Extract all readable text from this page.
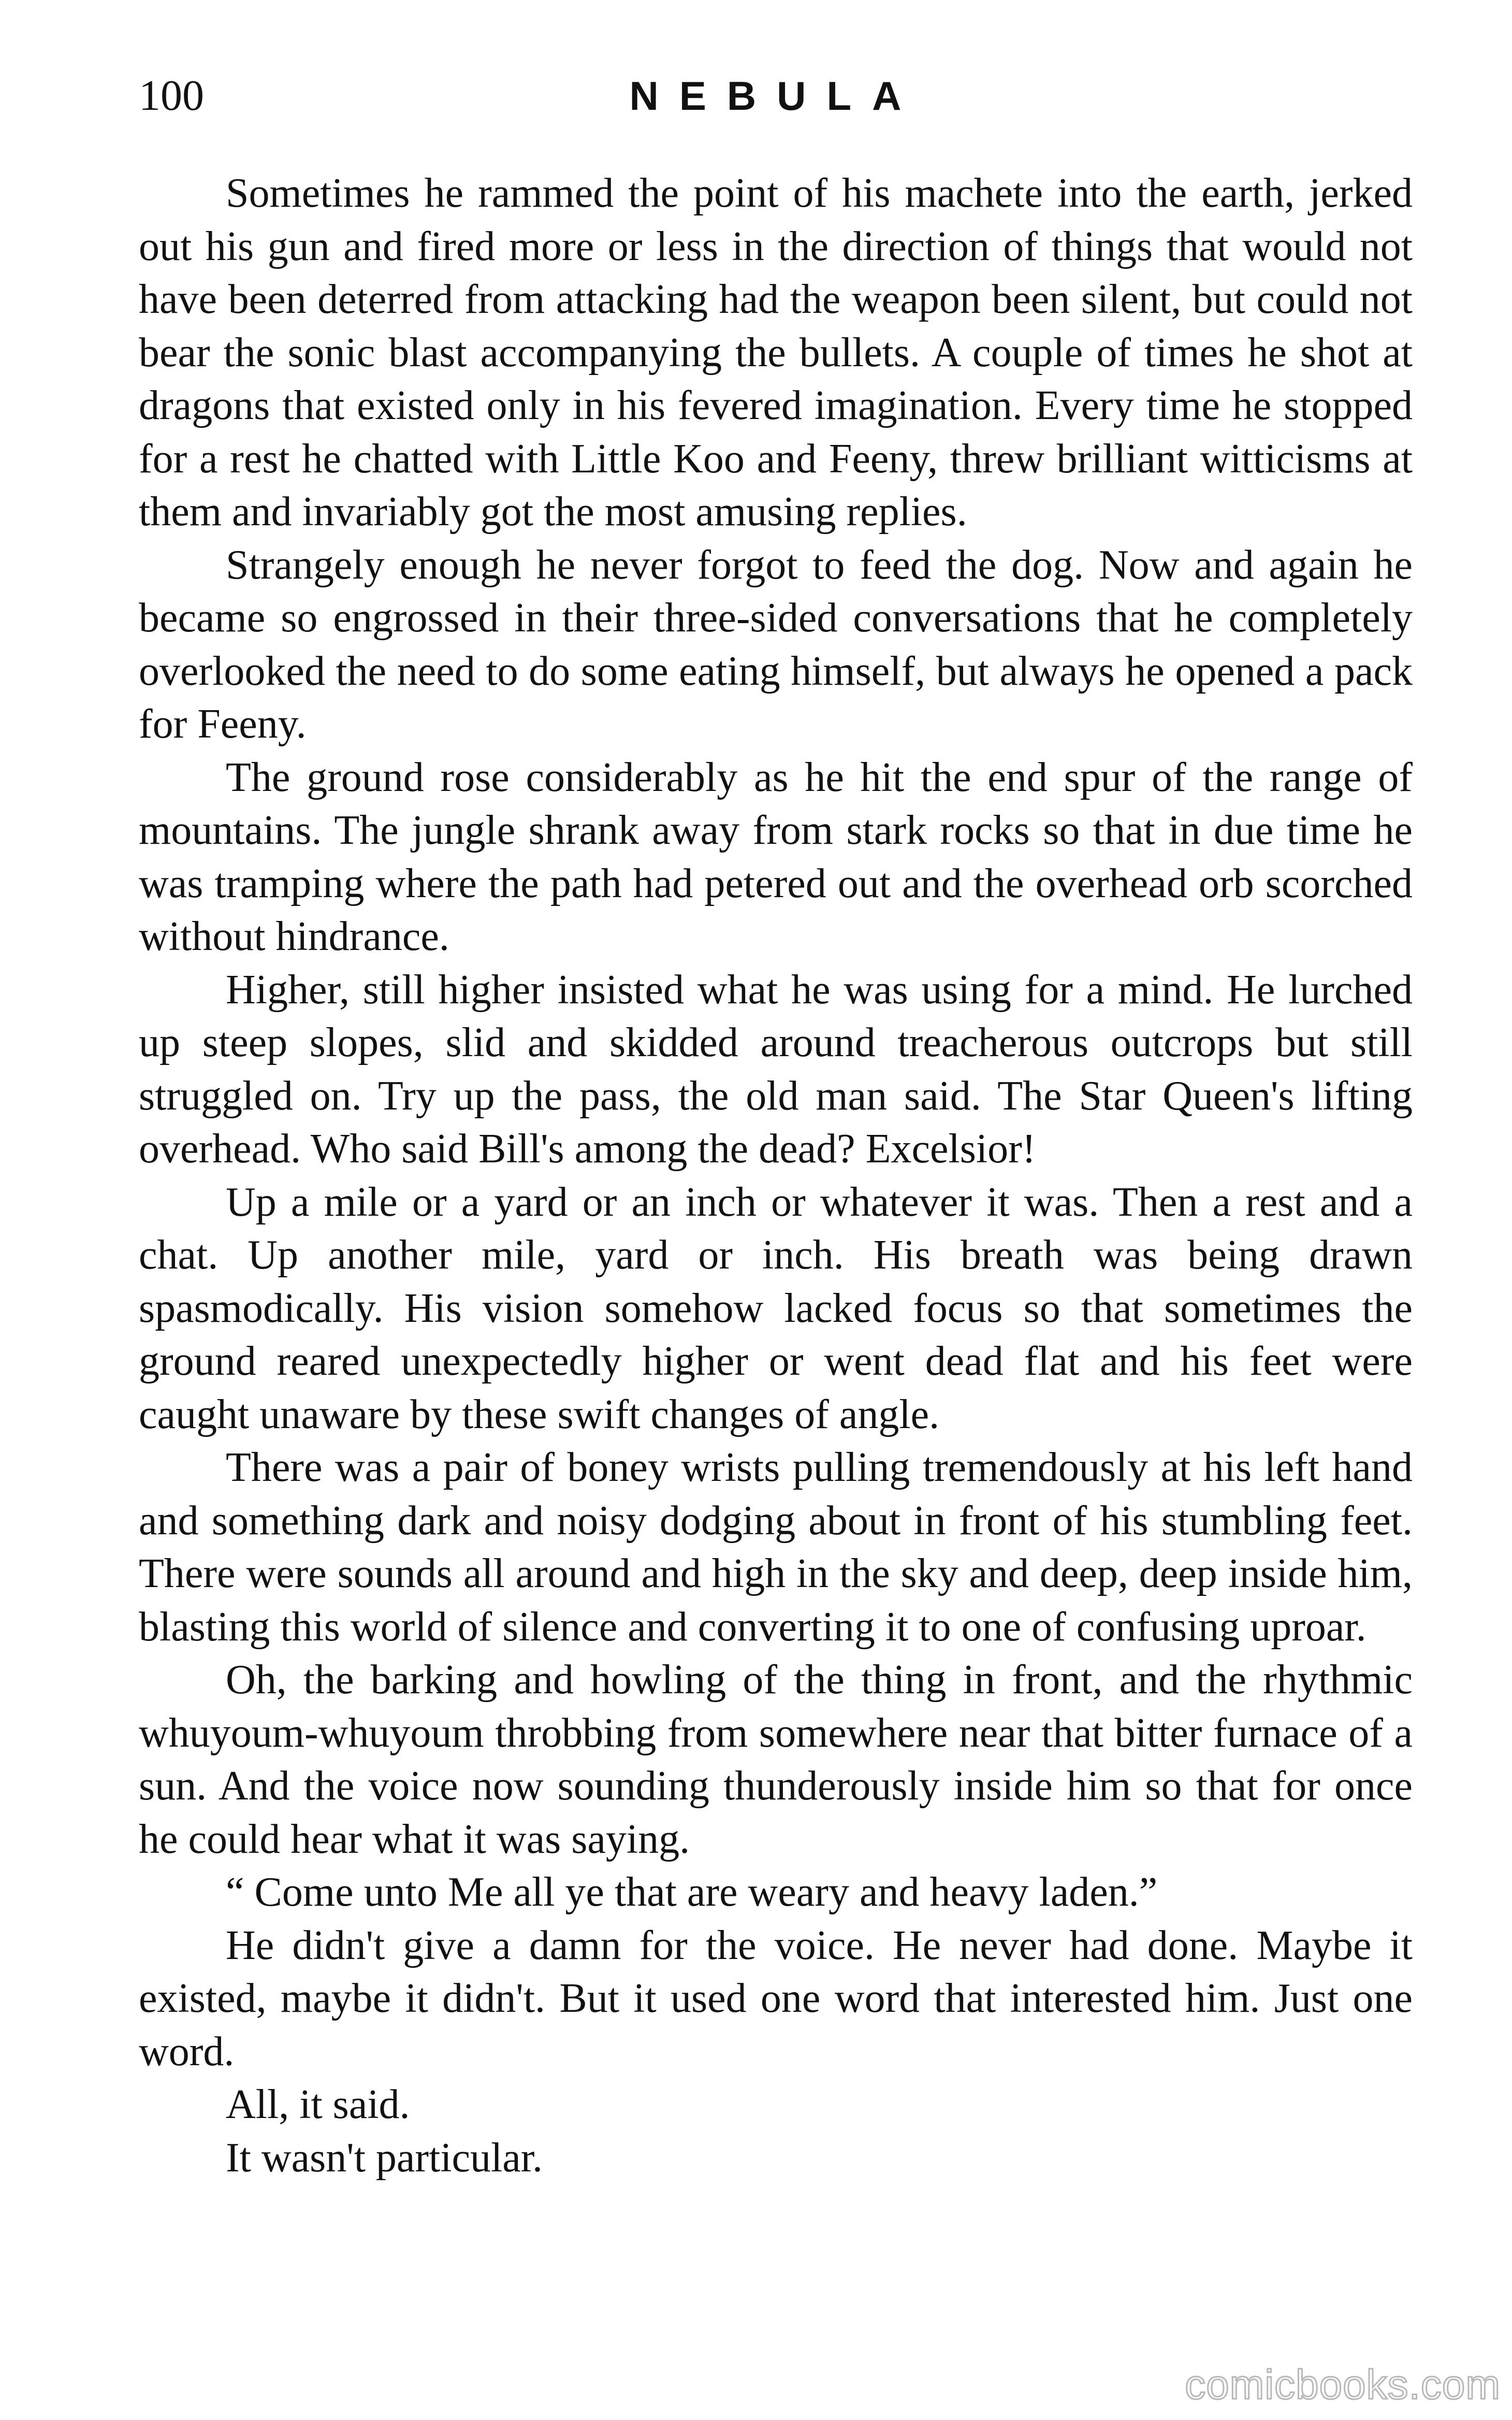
100	NEBULA

Sometimes he rammed the point of his machete into the earth, jerked out his gun and fired more or less in the direction of things that would not have been deterred from attacking had the weapon been silent, but could not bear the sonic blast accompanying the bullets. A couple of times he shot at dragons that existed only in his fevered imagination. Every time he stopped for a rest he chatted with Little Koo and Feeny, threw brilliant witticisms at them and invariably got the most amusing replies.

Strangely enough he never forgot to feed the dog. Now and again he became so engrossed in their three-sided conversations that he completely overlooked the need to do some eating himself, but always he opened a pack for Feeny.

The ground rose considerably as he hit the end spur of the range of mountains. The jungle shrank away from stark rocks so that in due time he was tramping where the path had petered out and the overhead orb scorched without hindrance.

Higher, still higher insisted what he was using for a mind. He lurched up steep slopes, slid and skidded around treacherous outcrops but still struggled on. Try up the pass, the old man said. The Star Queen's lifting overhead. Who said Bill's among the dead? Excelsior!

Up a mile or a yard or an inch or whatever it was. Then a rest and a chat. Up another mile, yard or inch. His breath was being drawn spasmodically. His vision somehow lacked focus so that sometimes the ground reared unexpectedly higher or went dead flat and his feet were caught unaware by these swift changes of angle.

There was a pair of boney wrists pulling tremendously at his left hand and something dark and noisy dodging about in front of his stumbling feet. There were sounds all around and high in the sky and deep, deep inside him, blasting this world of silence and converting it to one of confusing uproar.

Oh, the barking and howling of the thing in front, and the rhythmic whuyoum-whuyoum throbbing from somewhere near that bitter furnace of a sun. And the voice now sounding thunderously inside him so that for once he could hear what it was saying.

“ Come unto Me all ye that are weary and heavy laden.”

He didn't give a damn for the voice. He never had done. Maybe it existed, maybe it didn't. But it used one word that interested him. Just one word.

All, it said.

It wasn't particular.

comicbooks.com
